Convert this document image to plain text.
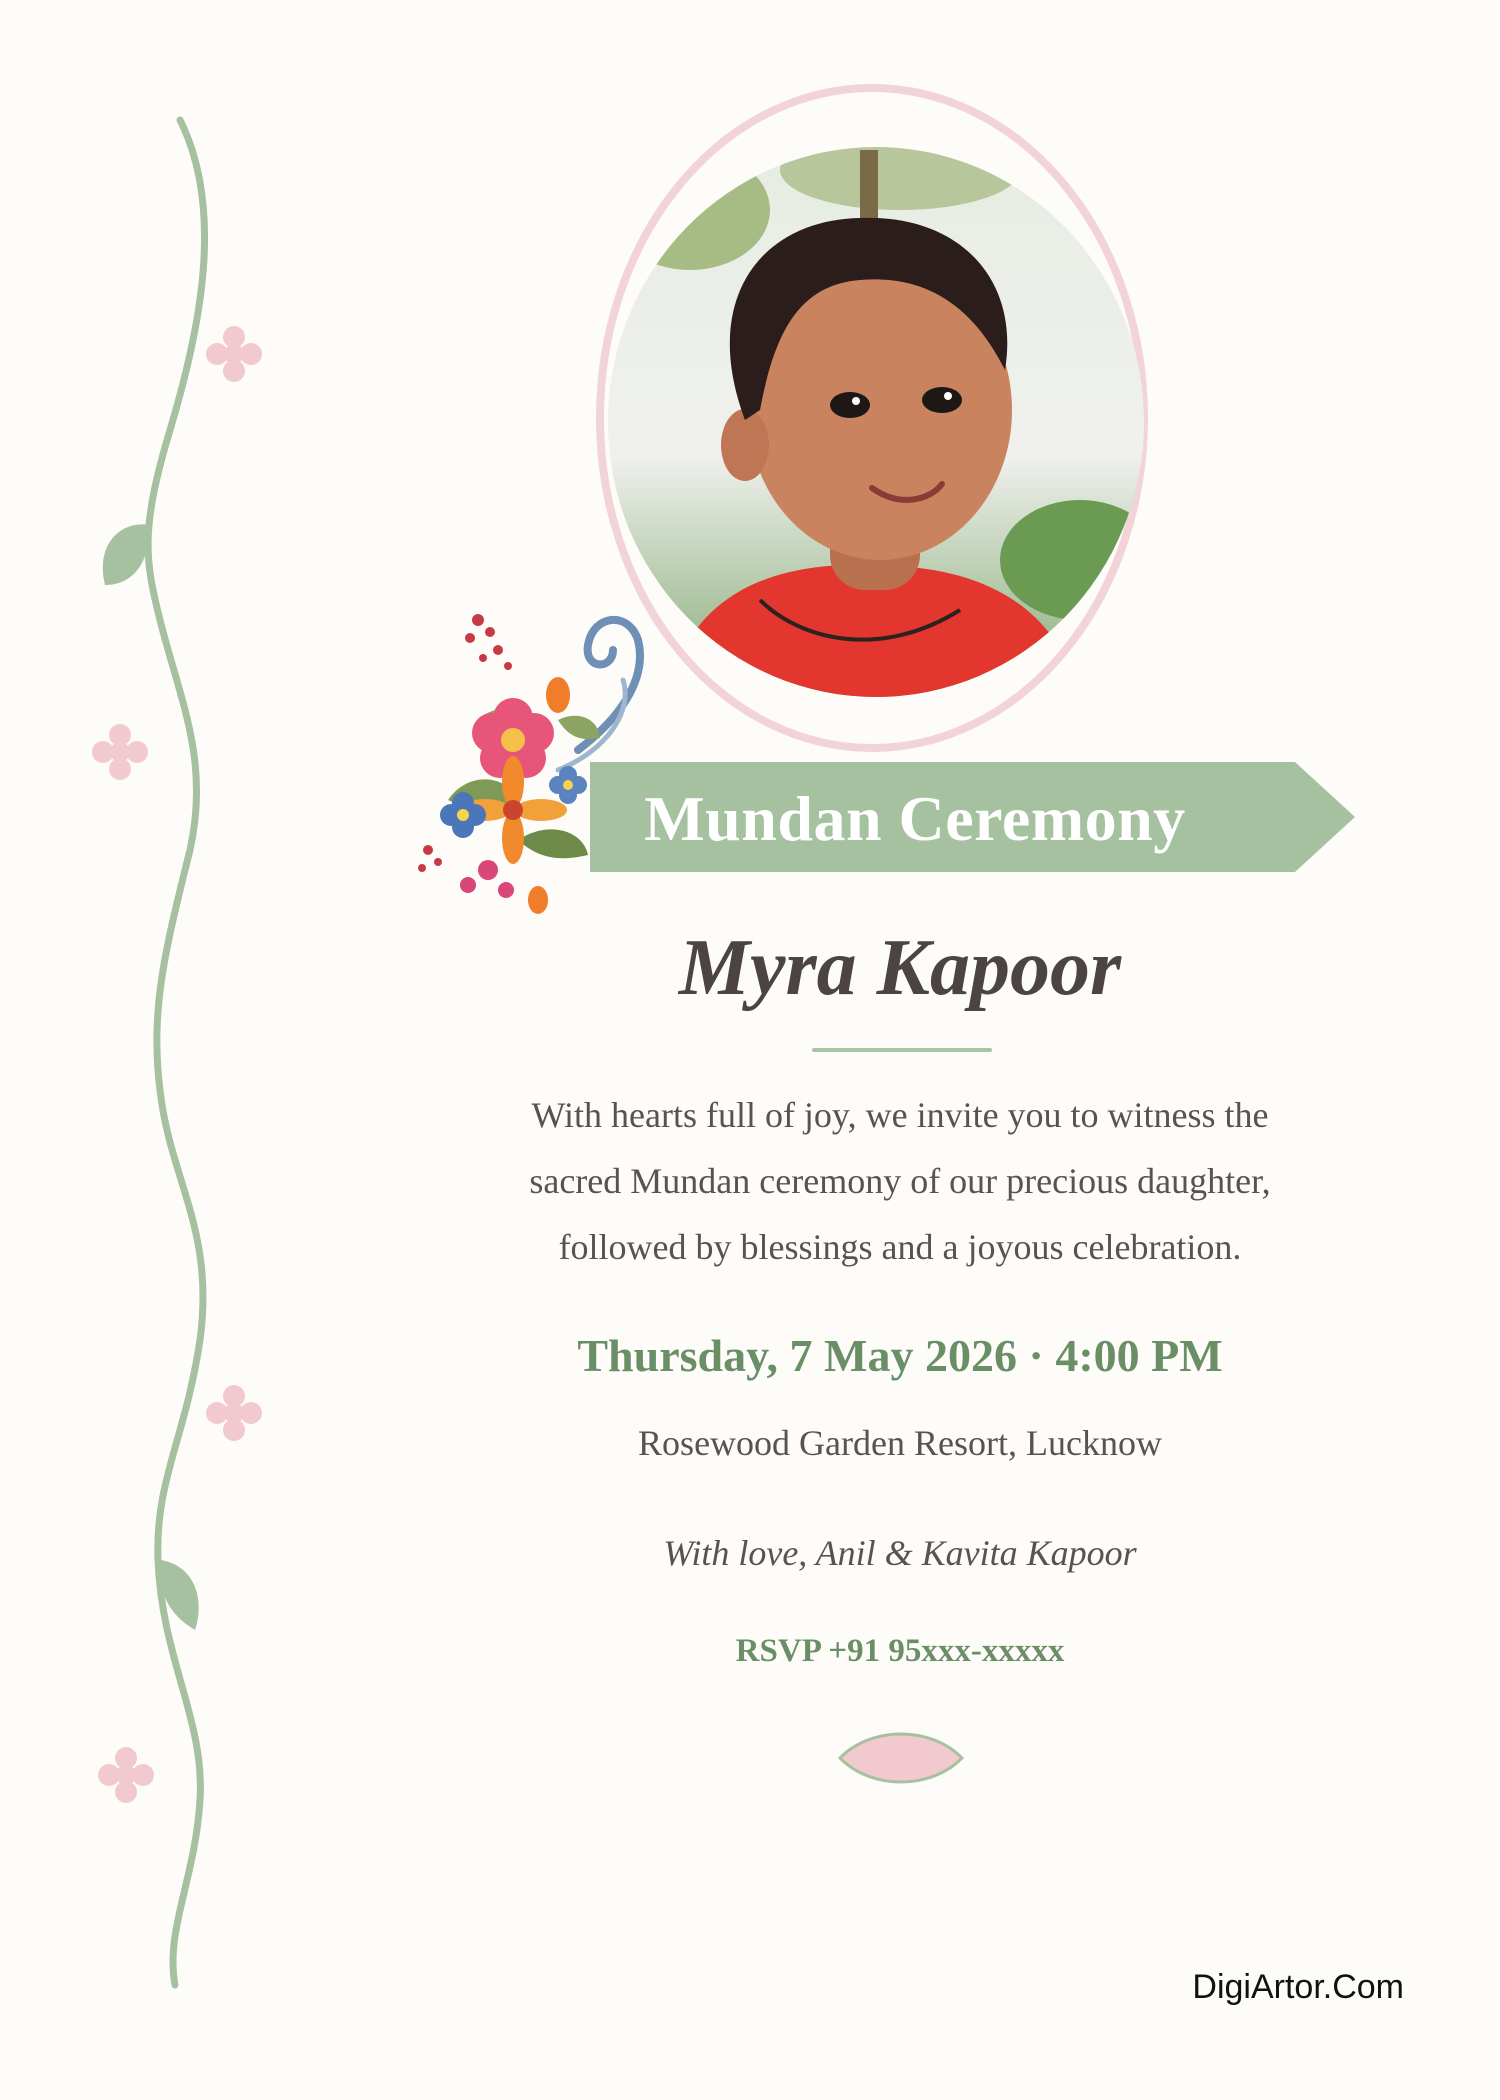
Mundan Ceremony
Myra Kapoor
With hearts full of joy, we invite you to witness the
sacred Mundan ceremony of our precious daughter,
followed by blessings and a joyous celebration.
Thursday, 7 May 2026 · 4:00 PM
Rosewood Garden Resort, Lucknow
With love, Anil & Kavita Kapoor
RSVP +91 95xxx-xxxxx
DigiArtor.Com
